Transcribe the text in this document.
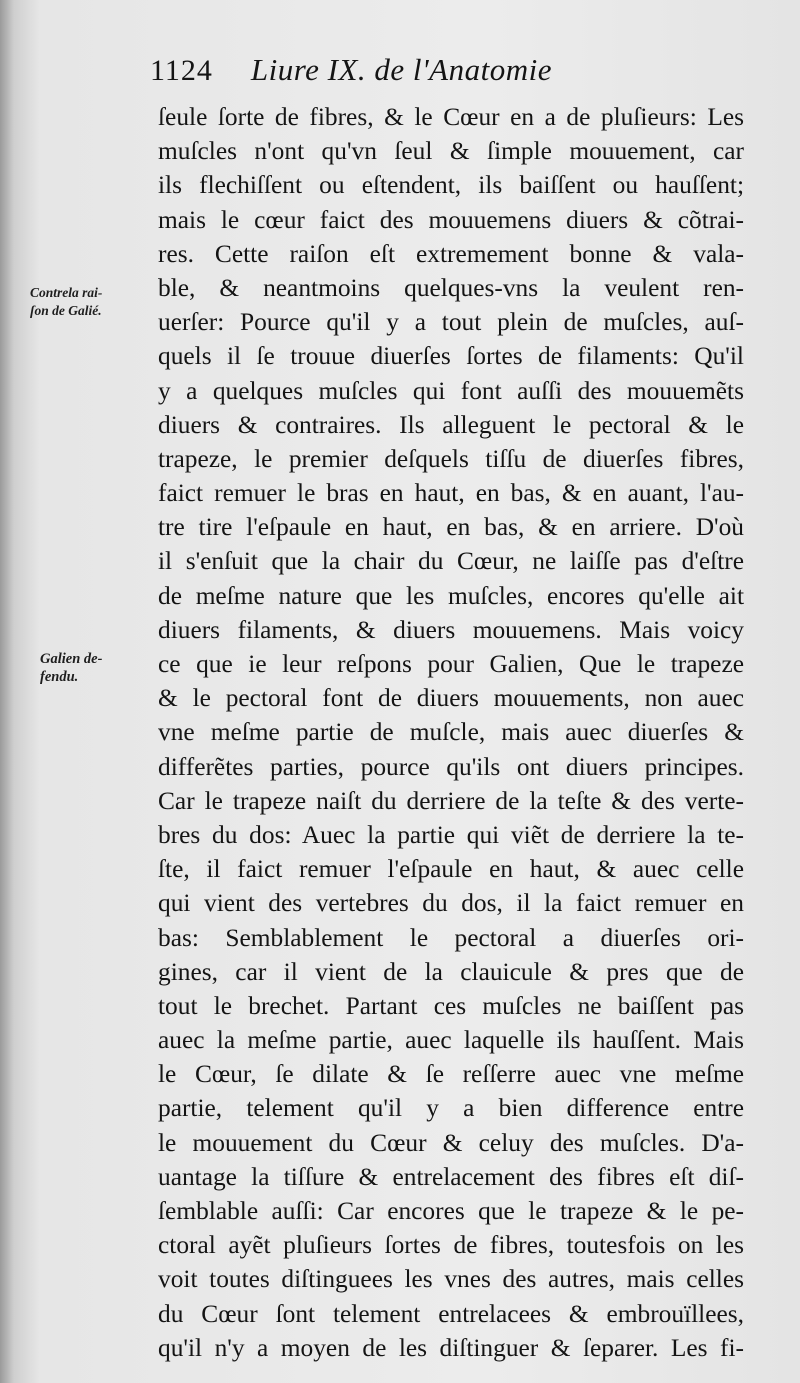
1124 Liure IX. de l'Anatomie
Contrela rai-
ſon de Galié.
Galien de-
fendu.
ſeule ſorte de fibres, & le Cœur en a de pluſieurs: Les
muſcles n'ont qu'vn ſeul & ſimple mouuement, car
ils flechiſſent ou eſtendent, ils baiſſent ou hauſſent;
mais le cœur faict des mouuemens diuers & cõtrai-
res. Cette raiſon eſt extremement bonne & vala-
ble, & neantmoins quelques-vns la veulent ren-
uerſer: Pource qu'il y a tout plein de muſcles, auſ-
quels il ſe trouue diuerſes ſortes de filaments: Qu'il
y a quelques muſcles qui font auſſi des mouuemẽts
diuers & contraires. Ils alleguent le pectoral & le
trapeze, le premier deſquels tiſſu de diuerſes fibres,
faict remuer le bras en haut, en bas, & en auant, l'au-
tre tire l'eſpaule en haut, en bas, & en arriere. D'où
il s'enſuit que la chair du Cœur, ne laiſſe pas d'eſtre
de meſme nature que les muſcles, encores qu'elle ait
diuers filaments, & diuers mouuemens. Mais voicy
ce que ie leur reſpons pour Galien, Que le trapeze
& le pectoral font de diuers mouuements, non auec
vne meſme partie de muſcle, mais auec diuerſes &
differẽtes parties, pource qu'ils ont diuers principes.
Car le trapeze naiſt du derriere de la teſte & des verte-
bres du dos: Auec la partie qui viẽt de derriere la te-
ſte, il faict remuer l'eſpaule en haut, & auec celle
qui vient des vertebres du dos, il la faict remuer en
bas: Semblablement le pectoral a diuerſes ori-
gines, car il vient de la clauicule & pres que de
tout le brechet. Partant ces muſcles ne baiſſent pas
auec la meſme partie, auec laquelle ils hauſſent. Mais
le Cœur, ſe dilate & ſe reſſerre auec vne meſme
partie, telement qu'il y a bien difference entre
le mouuement du Cœur & celuy des muſcles. D'a-
uantage la tiſſure & entrelacement des fibres eſt diſ-
ſemblable auſſi: Car encores que le trapeze & le pe-
ctoral ayẽt pluſieurs ſortes de fibres, toutesfois on les
voit toutes diſtinguees les vnes des autres, mais celles
du Cœur ſont telement entrelacees & embrouïllees,
qu'il n'y a moyen de les diſtinguer & ſeparer. Les fi-
